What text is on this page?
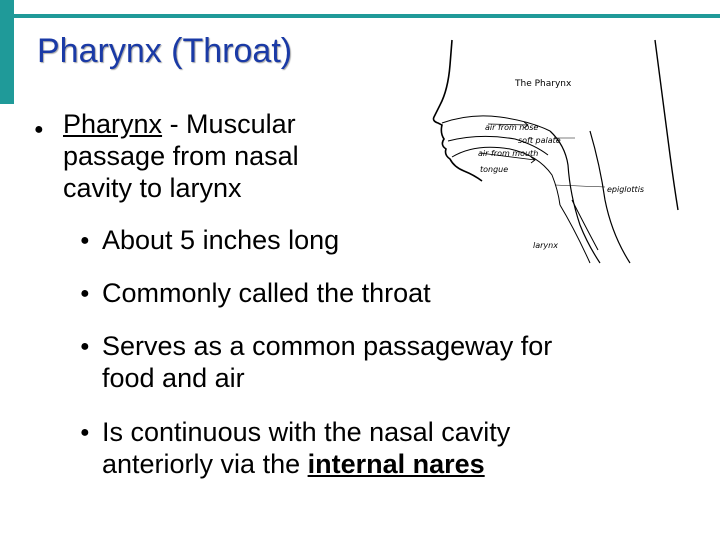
Pharynx (Throat)
● Pharynx - Muscular
passage from nasal
cavity to larynx
● About 5 inches long
● Commonly called the throat
● Serves as a common passageway for
food and air
● Is continuous with the nasal cavity
anteriorly via the internal nares
The Pharynx
air from nose
soft palate
air from mouth
tongue
epiglottis
larynx
